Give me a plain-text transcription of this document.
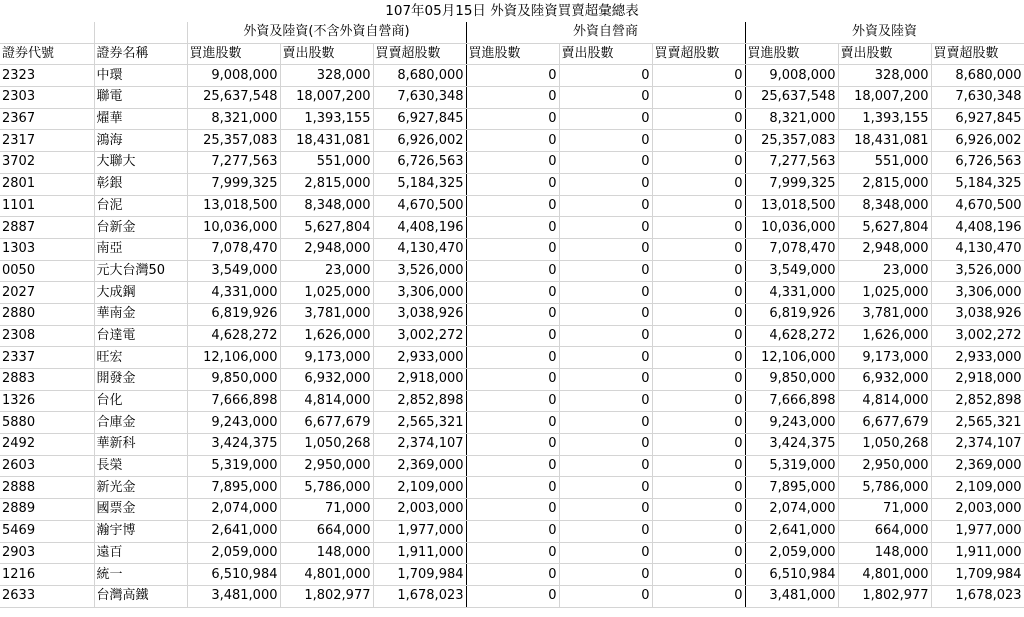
107年05月15日 外資及陸資買賣超彙總表
		外資及陸資(不含外資自營商)			外資自營商			外資及陸資		
證券代號	證券名稱	買進股數	賣出股數	買賣超股數	買進股數	賣出股數	買賣超股數	買進股數	賣出股數	買賣超股數
2323	中環	9,008,000	328,000	8,680,000	0	0	0	9,008,000	328,000	8,680,000
2303	聯電	25,637,548	18,007,200	7,630,348	0	0	0	25,637,548	18,007,200	7,630,348
2367	燿華	8,321,000	1,393,155	6,927,845	0	0	0	8,321,000	1,393,155	6,927,845
2317	鴻海	25,357,083	18,431,081	6,926,002	0	0	0	25,357,083	18,431,081	6,926,002
3702	大聯大	7,277,563	551,000	6,726,563	0	0	0	7,277,563	551,000	6,726,563
2801	彰銀	7,999,325	2,815,000	5,184,325	0	0	0	7,999,325	2,815,000	5,184,325
1101	台泥	13,018,500	8,348,000	4,670,500	0	0	0	13,018,500	8,348,000	4,670,500
2887	台新金	10,036,000	5,627,804	4,408,196	0	0	0	10,036,000	5,627,804	4,408,196
1303	南亞	7,078,470	2,948,000	4,130,470	0	0	0	7,078,470	2,948,000	4,130,470
0050	元大台灣50	3,549,000	23,000	3,526,000	0	0	0	3,549,000	23,000	3,526,000
2027	大成鋼	4,331,000	1,025,000	3,306,000	0	0	0	4,331,000	1,025,000	3,306,000
2880	華南金	6,819,926	3,781,000	3,038,926	0	0	0	6,819,926	3,781,000	3,038,926
2308	台達電	4,628,272	1,626,000	3,002,272	0	0	0	4,628,272	1,626,000	3,002,272
2337	旺宏	12,106,000	9,173,000	2,933,000	0	0	0	12,106,000	9,173,000	2,933,000
2883	開發金	9,850,000	6,932,000	2,918,000	0	0	0	9,850,000	6,932,000	2,918,000
1326	台化	7,666,898	4,814,000	2,852,898	0	0	0	7,666,898	4,814,000	2,852,898
5880	合庫金	9,243,000	6,677,679	2,565,321	0	0	0	9,243,000	6,677,679	2,565,321
2492	華新科	3,424,375	1,050,268	2,374,107	0	0	0	3,424,375	1,050,268	2,374,107
2603	長榮	5,319,000	2,950,000	2,369,000	0	0	0	5,319,000	2,950,000	2,369,000
2888	新光金	7,895,000	5,786,000	2,109,000	0	0	0	7,895,000	5,786,000	2,109,000
2889	國票金	2,074,000	71,000	2,003,000	0	0	0	2,074,000	71,000	2,003,000
5469	瀚宇博	2,641,000	664,000	1,977,000	0	0	0	2,641,000	664,000	1,977,000
2903	遠百	2,059,000	148,000	1,911,000	0	0	0	2,059,000	148,000	1,911,000
1216	統一	6,510,984	4,801,000	1,709,984	0	0	0	6,510,984	4,801,000	1,709,984
2633	台灣高鐵	3,481,000	1,802,977	1,678,023	0	0	0	3,481,000	1,802,977	1,678,023
